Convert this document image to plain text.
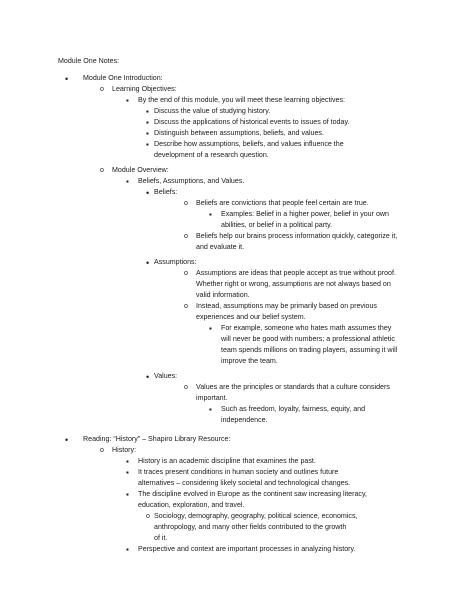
Module One Notes:
•
Module One Introduction:
o
Learning Objectives:
▪
By the end of this module, you will meet these learning objectives:
▪
Discuss the value of studying history.
▪
Discuss the applications of historical events to issues of today.
▪
Distinguish between assumptions, beliefs, and values.
▪
Describe how assumptions, beliefs, and values influence the
development of a research question.
o
Module Overview:
▪
Beliefs, Assumptions, and Values.
•
Beliefs:
o
Beliefs are convictions that people feel certain are true.
▪
Examples: Belief in a higher power, belief in your own
abilities, or belief in a political party.
o
Beliefs help our brains process information quickly, categorize it,
and evaluate it.
•
Assumptions:
o
Assumptions are ideas that people accept as true without proof.
Whether right or wrong, assumptions are not always based on
valid information.
o
Instead, assumptions may be primarily based on previous
experiences and our belief system.
▪
For example, someone who hates math assumes they
will never be good with numbers; a professional athletic
team spends millions on trading players, assuming it will
improve the team.
•
Values:
o
Values are the principles or standards that a culture considers
important.
▪
Such as freedom, loyalty, fairness, equity, and
independence.
•
Reading: “History” – Shapiro Library Resource:
o
History:
▪
History is an academic discipline that examines the past.
▪
It traces present conditions in human society and outlines future
alternatives – considering likely societal and technological changes.
▪
The discipline evolved in Europe as the continent saw increasing literacy,
education, exploration, and travel.
o
Sociology, demography, geography, political science, economics,
anthropology, and many other fields contributed to the growth
of it.
▪
Perspective and context are important processes in analyzing history.
